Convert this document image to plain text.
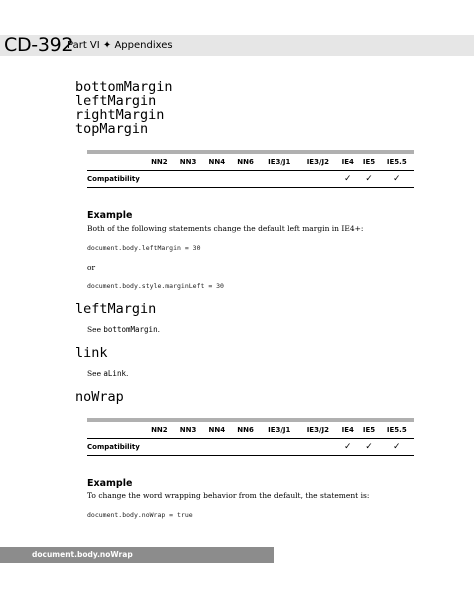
CD-392
Part VI ✦ Appendixes
bottomMargin
leftMargin
rightMargin
topMargin

	NN2	NN3	NN4	NN6	IE3/J1	IE3/J2	IE4	IE5	IE5.5
Compatibility							✓	✓	✓
Example
Both of the following statements change the default left margin in IE4+:
document.body.leftMargin = 30
or
document.body.style.marginLeft = 30
leftMargin
See bottomMargin.
link
See aLink.
noWrap

	NN2	NN3	NN4	NN6	IE3/J1	IE3/J2	IE4	IE5	IE5.5
Compatibility							✓	✓	✓
Example
To change the word wrapping behavior from the default, the statement is:
document.body.noWrap = true
document.body.noWrap
